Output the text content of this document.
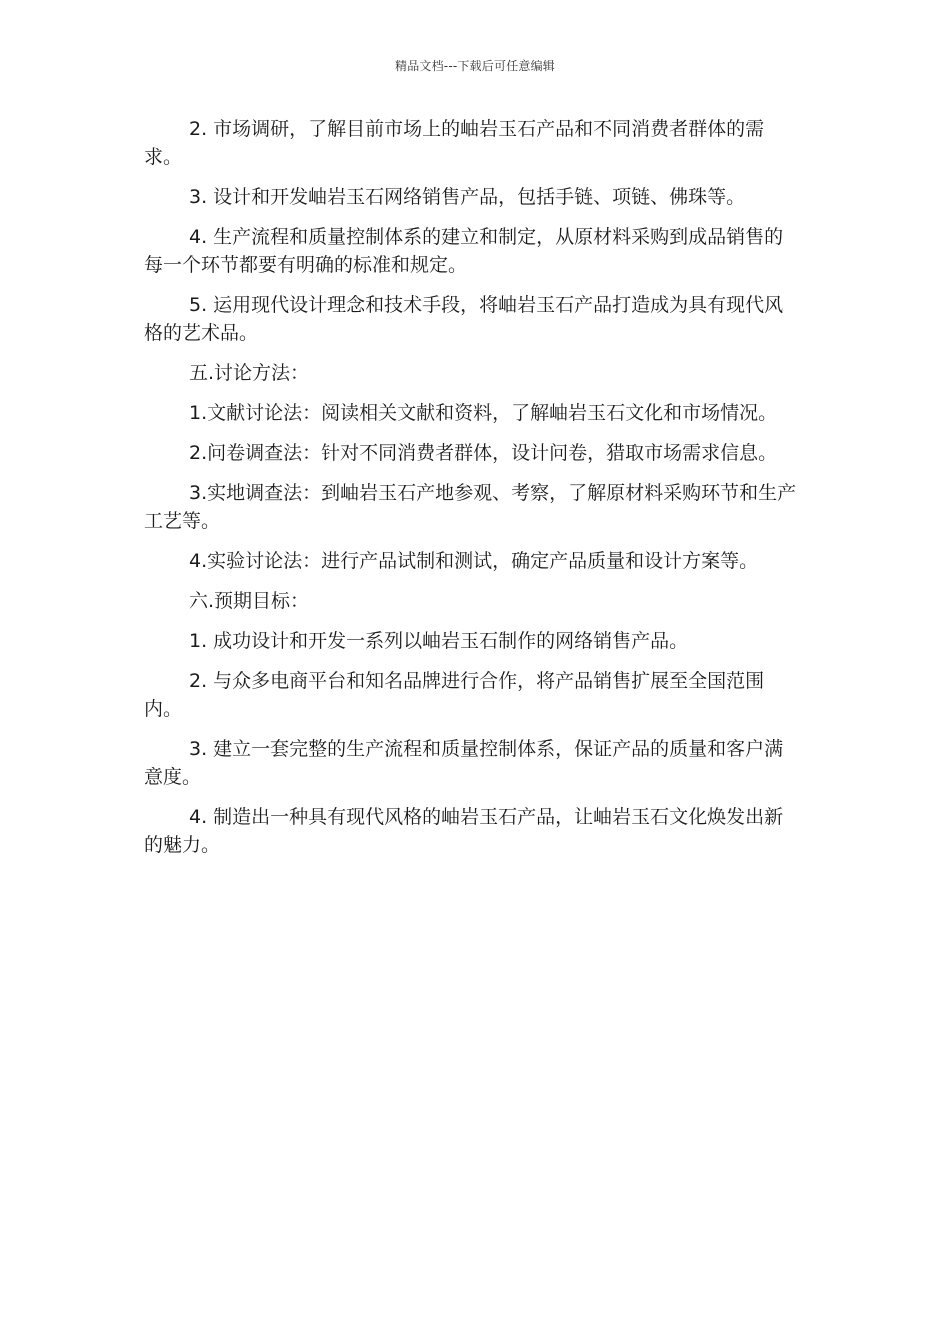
精品文档---下载后可任意编辑

2. 市场调研，了解目前市场上的岫岩玉石产品和不同消费者群体的需求。

3. 设计和开发岫岩玉石网络销售产品，包括手链、项链、佛珠等。

4. 生产流程和质量控制体系的建立和制定，从原材料采购到成品销售的每一个环节都要有明确的标准和规定。

5. 运用现代设计理念和技术手段，将岫岩玉石产品打造成为具有现代风格的艺术品。

五.讨论方法：

1.文献讨论法：阅读相关文献和资料，了解岫岩玉石文化和市场情况。

2.问卷调查法：针对不同消费者群体，设计问卷，猎取市场需求信息。

3.实地调查法：到岫岩玉石产地参观、考察，了解原材料采购环节和生产工艺等。

4.实验讨论法：进行产品试制和测试，确定产品质量和设计方案等。

六.预期目标：

1. 成功设计和开发一系列以岫岩玉石制作的网络销售产品。

2. 与众多电商平台和知名品牌进行合作，将产品销售扩展至全国范围内。

3. 建立一套完整的生产流程和质量控制体系，保证产品的质量和客户满意度。

4. 制造出一种具有现代风格的岫岩玉石产品，让岫岩玉石文化焕发出新的魅力。
